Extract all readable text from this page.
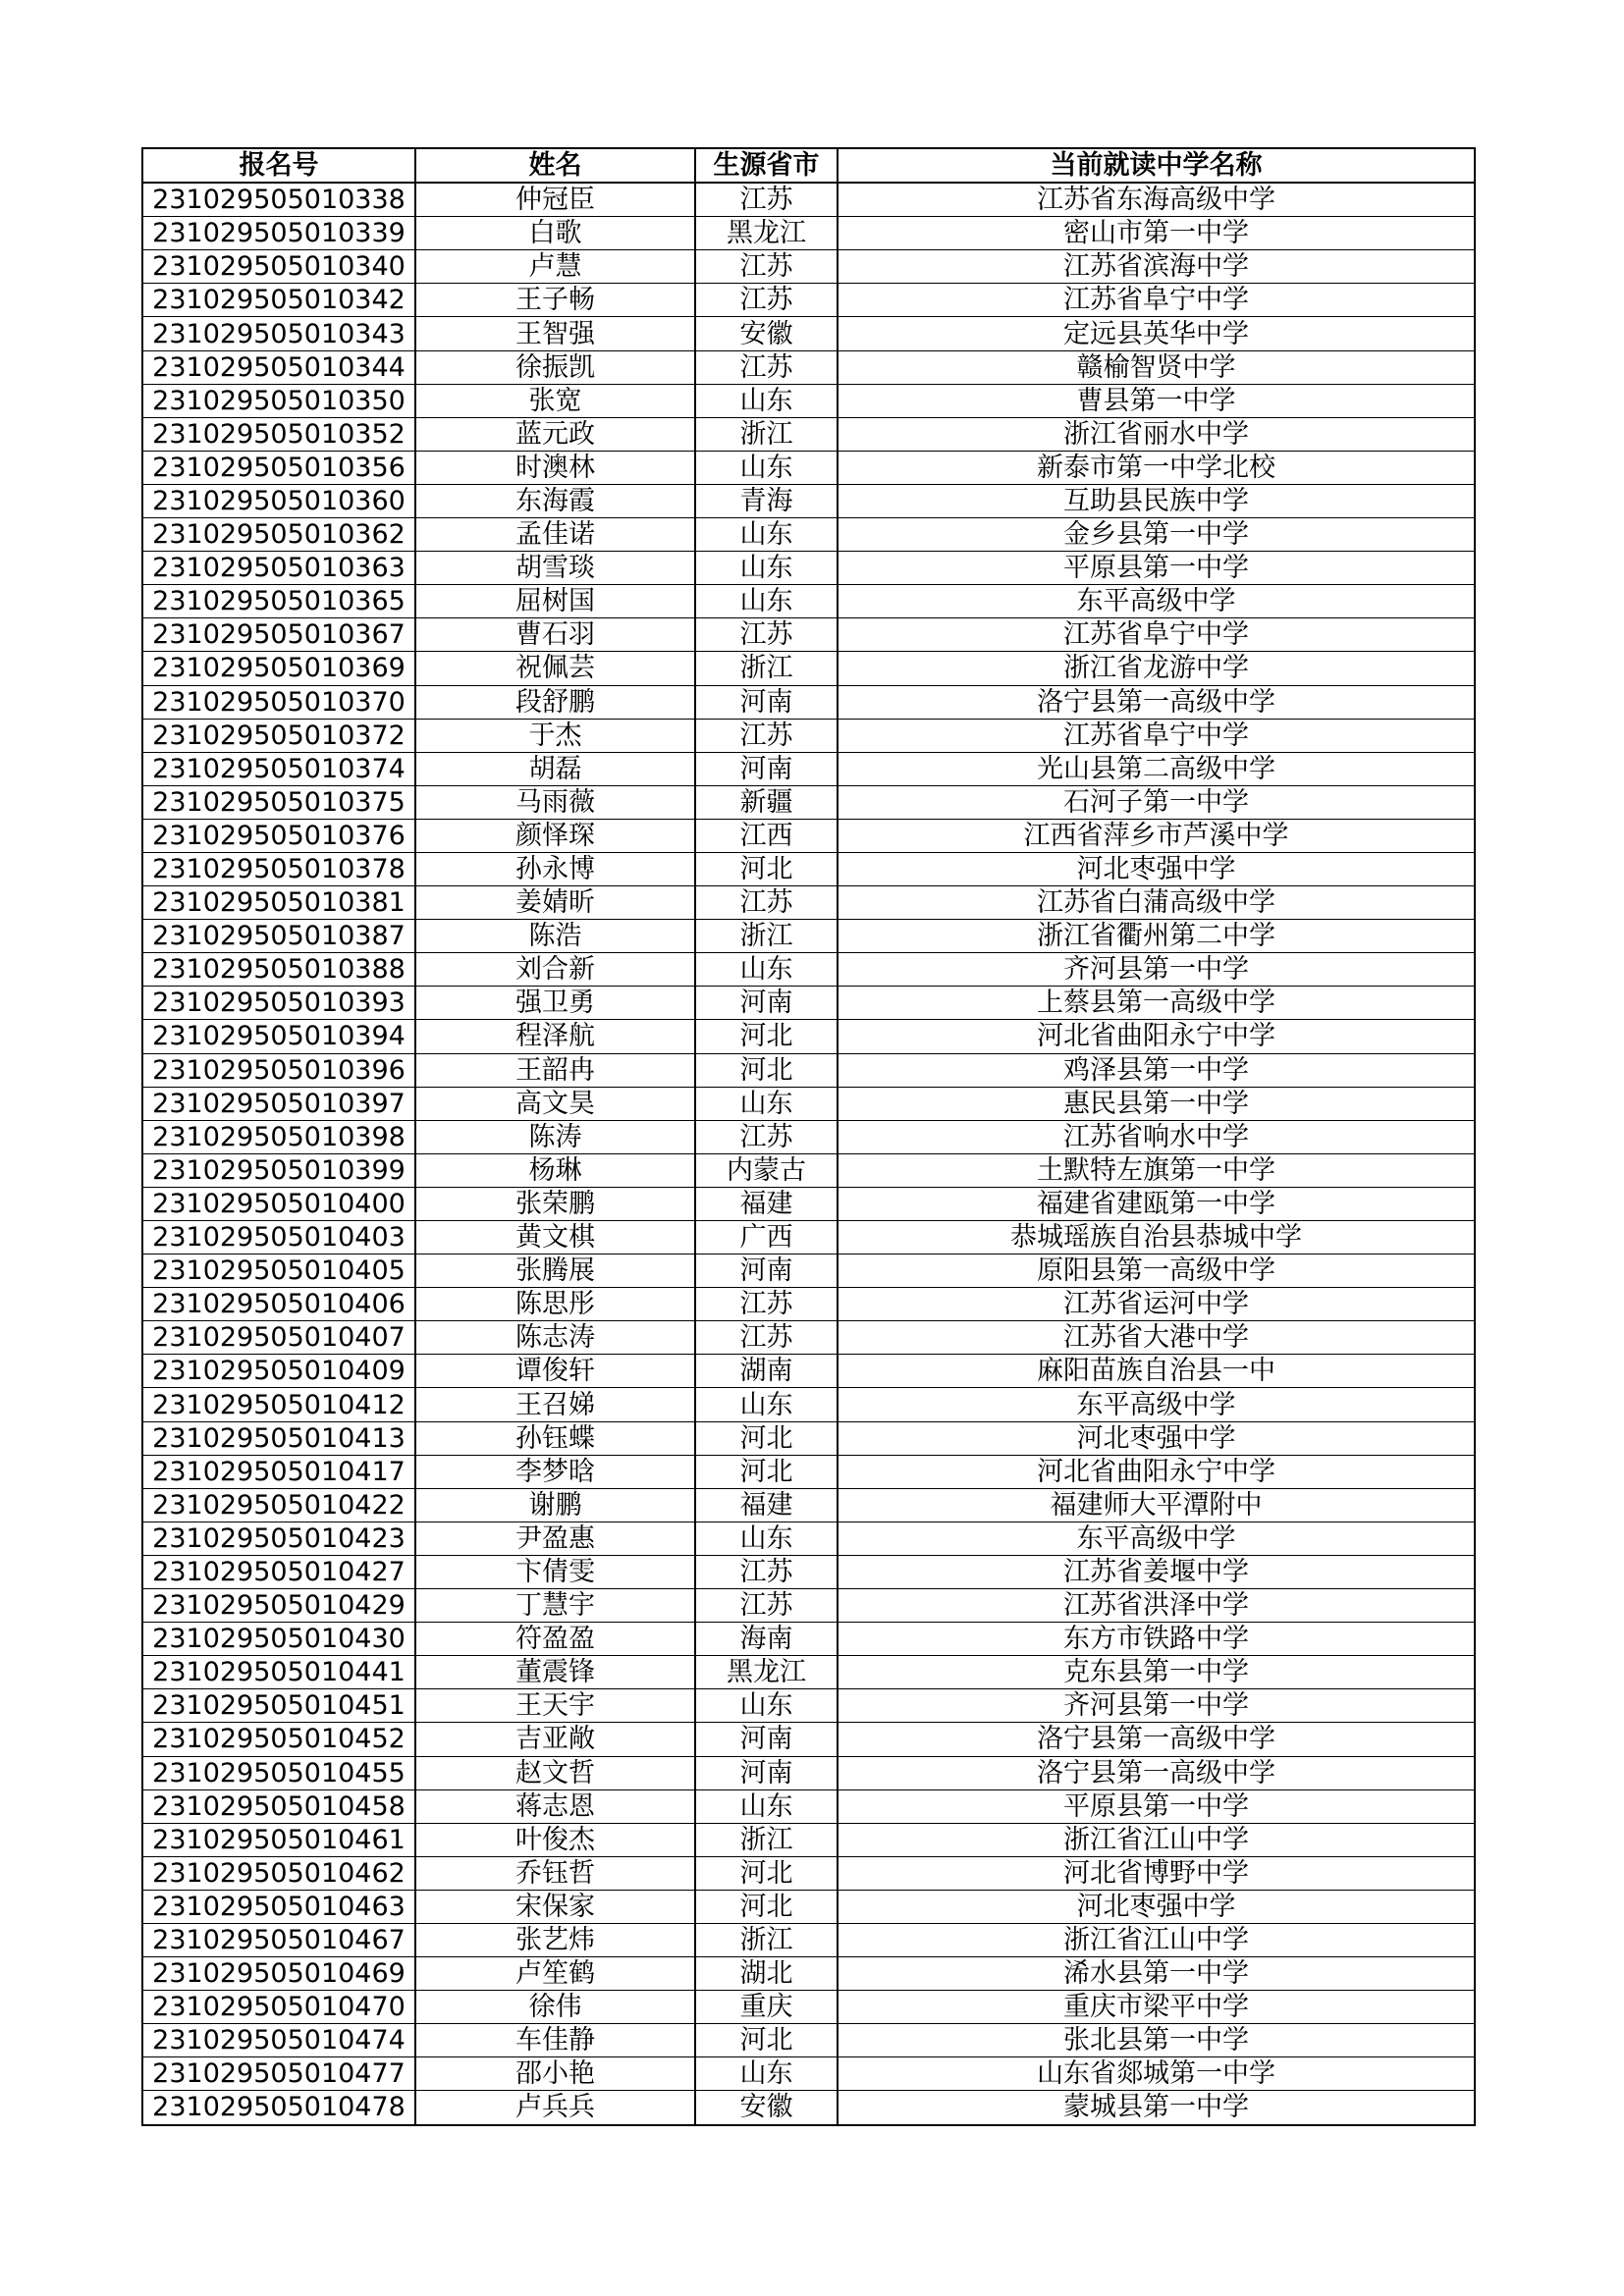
报名号	姓名	生源省市	当前就读中学名称
231029505010338	仲冠臣	江苏	江苏省东海高级中学
231029505010339	白歌	黑龙江	密山市第一中学
231029505010340	卢慧	江苏	江苏省滨海中学
231029505010342	王子畅	江苏	江苏省阜宁中学
231029505010343	王智强	安徽	定远县英华中学
231029505010344	徐振凯	江苏	赣榆智贤中学
231029505010350	张宽	山东	曹县第一中学
231029505010352	蓝元政	浙江	浙江省丽水中学
231029505010356	时澳林	山东	新泰市第一中学北校
231029505010360	东海霞	青海	互助县民族中学
231029505010362	孟佳诺	山东	金乡县第一中学
231029505010363	胡雪琰	山东	平原县第一中学
231029505010365	屈树国	山东	东平高级中学
231029505010367	曹石羽	江苏	江苏省阜宁中学
231029505010369	祝佩芸	浙江	浙江省龙游中学
231029505010370	段舒鹏	河南	洛宁县第一高级中学
231029505010372	于杰	江苏	江苏省阜宁中学
231029505010374	胡磊	河南	光山县第二高级中学
231029505010375	马雨薇	新疆	石河子第一中学
231029505010376	颜怿琛	江西	江西省萍乡市芦溪中学
231029505010378	孙永博	河北	河北枣强中学
231029505010381	姜婧昕	江苏	江苏省白蒲高级中学
231029505010387	陈浩	浙江	浙江省衢州第二中学
231029505010388	刘合新	山东	齐河县第一中学
231029505010393	强卫勇	河南	上蔡县第一高级中学
231029505010394	程泽航	河北	河北省曲阳永宁中学
231029505010396	王韶冉	河北	鸡泽县第一中学
231029505010397	高文昊	山东	惠民县第一中学
231029505010398	陈涛	江苏	江苏省响水中学
231029505010399	杨琳	内蒙古	土默特左旗第一中学
231029505010400	张荣鹏	福建	福建省建瓯第一中学
231029505010403	黄文棋	广西	恭城瑶族自治县恭城中学
231029505010405	张腾展	河南	原阳县第一高级中学
231029505010406	陈思彤	江苏	江苏省运河中学
231029505010407	陈志涛	江苏	江苏省大港中学
231029505010409	谭俊轩	湖南	麻阳苗族自治县一中
231029505010412	王召娣	山东	东平高级中学
231029505010413	孙钰蝶	河北	河北枣强中学
231029505010417	李梦晗	河北	河北省曲阳永宁中学
231029505010422	谢鹏	福建	福建师大平潭附中
231029505010423	尹盈惠	山东	东平高级中学
231029505010427	卞倩雯	江苏	江苏省姜堰中学
231029505010429	丁慧宇	江苏	江苏省洪泽中学
231029505010430	符盈盈	海南	东方市铁路中学
231029505010441	董震锋	黑龙江	克东县第一中学
231029505010451	王天宇	山东	齐河县第一中学
231029505010452	吉亚敞	河南	洛宁县第一高级中学
231029505010455	赵文哲	河南	洛宁县第一高级中学
231029505010458	蒋志恩	山东	平原县第一中学
231029505010461	叶俊杰	浙江	浙江省江山中学
231029505010462	乔钰哲	河北	河北省博野中学
231029505010463	宋保家	河北	河北枣强中学
231029505010467	张艺炜	浙江	浙江省江山中学
231029505010469	卢笙鹤	湖北	浠水县第一中学
231029505010470	徐伟	重庆	重庆市梁平中学
231029505010474	车佳静	河北	张北县第一中学
231029505010477	邵小艳	山东	山东省郯城第一中学
231029505010478	卢兵兵	安徽	蒙城县第一中学
